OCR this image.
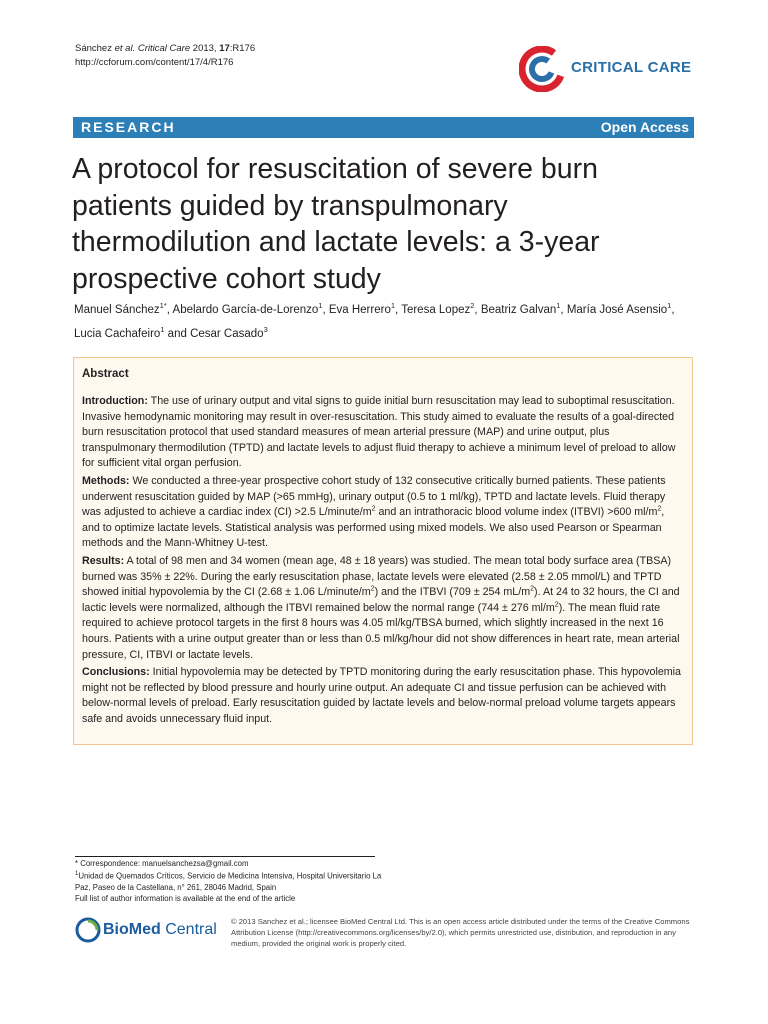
Sánchez et al. Critical Care 2013, 17:R176
http://ccforum.com/content/17/4/R176	CRITICAL CARE
RESEARCH	Open Access
A protocol for resuscitation of severe burn patients guided by transpulmonary thermodilution and lactate levels: a 3-year prospective cohort study
Manuel Sánchez$^{1*}$, Abelardo García-de-Lorenzo$^1$, Eva Herrero$^1$, Teresa Lopez$^2$, Beatriz Galvan$^1$, María José Asensio$^1$,
Lucia Cachafeiro$^1$ and Cesar Casado$^3$
Abstract

Introduction: The use of urinary output and vital signs to guide initial burn resuscitation may lead to suboptimal resuscitation. Invasive hemodynamic monitoring may result in over-resuscitation. This study aimed to evaluate the results of a goal-directed burn resuscitation protocol that used standard measures of mean arterial pressure (MAP) and urine output, plus transpulmonary thermodilution (TPTD) and lactate levels to adjust fluid therapy to achieve a minimum level of preload to allow for sufficient vital organ perfusion.

Methods: We conducted a three-year prospective cohort study of 132 consecutive critically burned patients. These patients underwent resuscitation guided by MAP (>65 mmHg), urinary output (0.5 to 1 ml/kg), TPTD and lactate levels. Fluid therapy was adjusted to achieve a cardiac index (CI) >2.5 $L/minute/m^2$ and an intrathoracic blood volume index (ITBVI) >600 $ml/m^2$, and to optimize lactate levels. Statistical analysis was performed using mixed models. We also used Pearson or Spearman methods and the Mann-Whitney U-test.

Results: A total of 98 men and 34 women (mean age, 48 ± 18 years) was studied. The mean total body surface area (TBSA) burned was 35% ± 22%. During the early resuscitation phase, lactate levels were elevated (2.58 ± 2.05 mmol/L) and TPTD showed initial hypovolemia by the CI (2.68 ± 1.06 $L/minute/m^2$) and the ITBVI (709 ± 254 $mL/m^2$). At 24 to 32 hours, the CI and lactic levels were normalized, although the ITBVI remained below the normal range (744 ± 276 $ml/m^2$). The mean fluid rate required to achieve protocol targets in the first 8 hours was 4.05 ml/kg/TBSA burned, which slightly increased in the next 16 hours. Patients with a urine output greater than or less than 0.5 ml/kg/hour did not show differences in heart rate, mean arterial pressure, CI, ITBVI or lactate levels.

Conclusions: Initial hypovolemia may be detected by TPTD monitoring during the early resuscitation phase. This hypovolemia might not be reflected by blood pressure and hourly urine output. An adequate CI and tissue perfusion can be achieved with below-normal levels of preload. Early resuscitation guided by lactate levels and below-normal preload volume targets appears safe and avoids unnecessary fluid input.

* Correspondence: manuelsanchezsa@gmail.com
$^1$Unidad de Quemados Críticos, Servicio de Medicina Intensiva, Hospital Universitario La Paz, Paseo de la Castellana, n° 261, 28046 Madrid, Spain
Full list of author information is available at the end of the article
BioMed Central © 2013 Sanchez et al.; licensee BioMed Central Ltd. This is an open access article distributed under the terms of the Creative Commons Attribution License (http://creativecommons.org/licenses/by/2.0), which permits unrestricted use, distribution, and reproduction in any medium, provided the original work is properly cited.
